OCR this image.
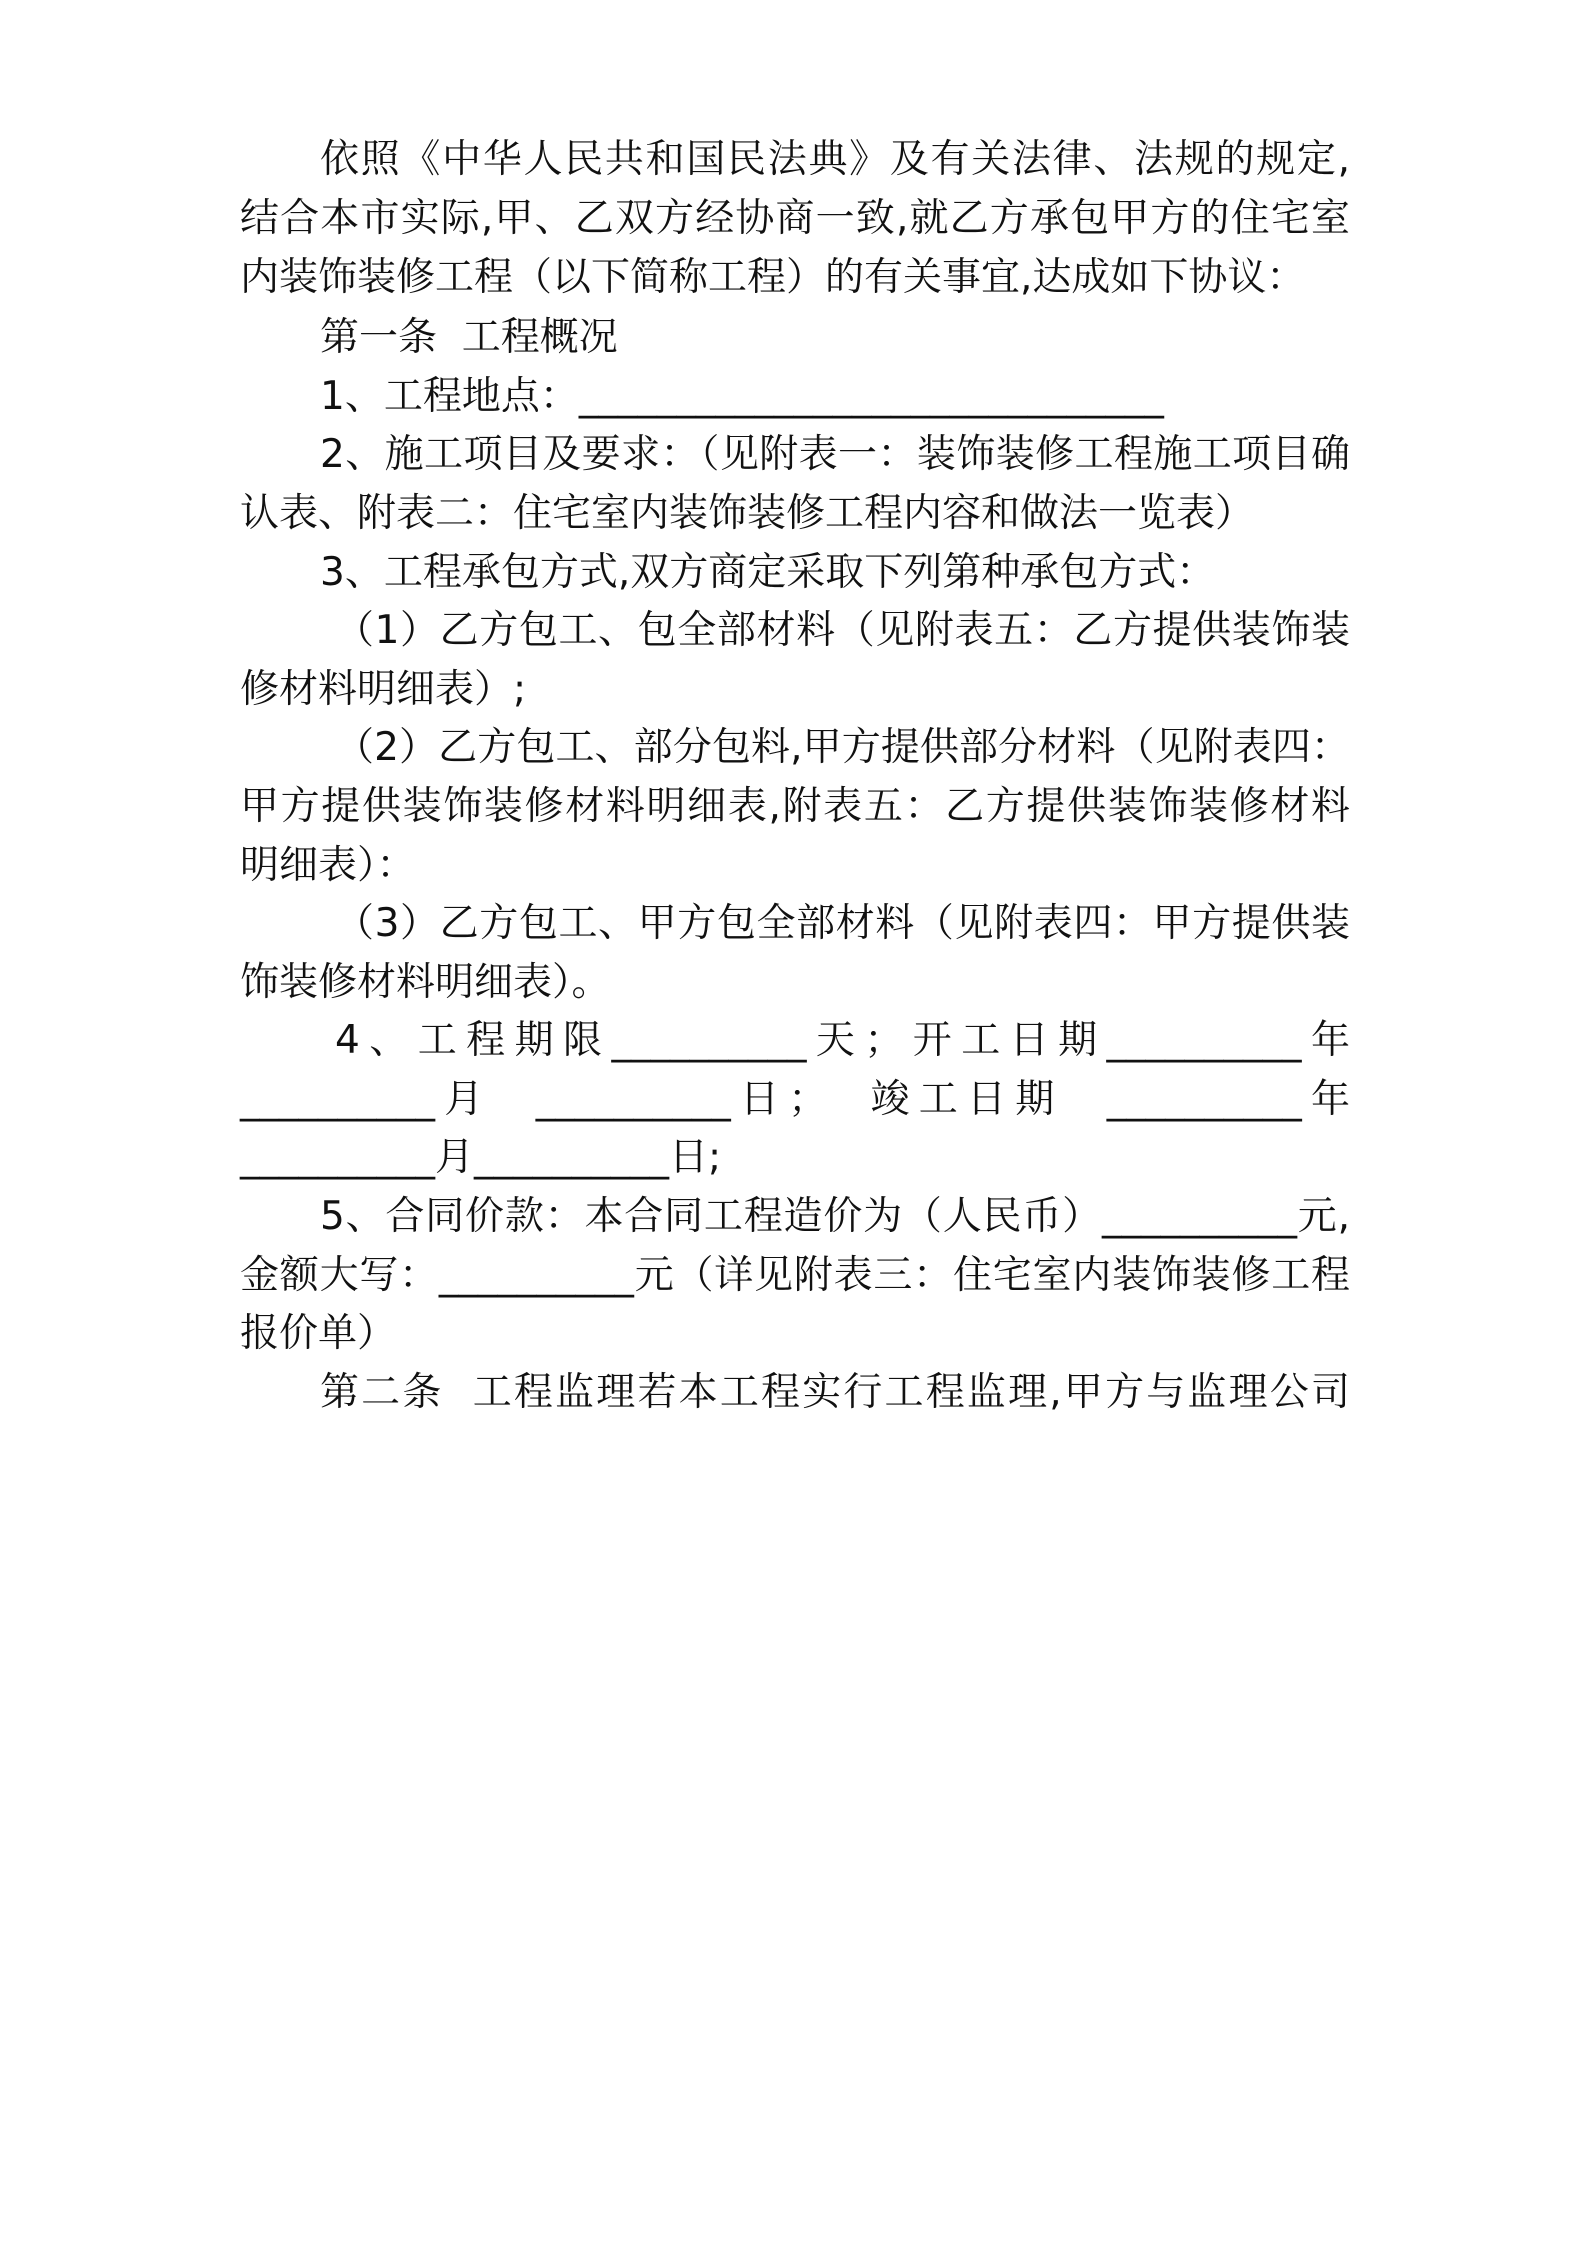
依照《中华人民共和国民法典》及有关法律、法规的规定,
结合本市实际,甲、乙双方经协商一致,就乙方承包甲方的住宅室
内装饰装修工程（以下简称工程）的有关事宜,达成如下协议：
第一条  工程概况
1、工程地点：______________________________
2、施工项目及要求：（见附表一：装饰装修工程施工项目确
认表、附表二：住宅室内装饰装修工程内容和做法一览表）
3、工程承包方式,双方商定采取下列第种承包方式：
（1）乙方包工、包全部材料（见附表五：乙方提供装饰装
修材料明细表）;
（2）乙方包工、部分包料,甲方提供部分材料（见附表四：
甲方提供装饰装修材料明细表,附表五：乙方提供装饰装修材料
明细表）：
（3）乙方包工、甲方包全部材料（见附表四：甲方提供装
饰装修材料明细表）。
4、工程期限__________天；开工日期__________年
__________月  __________日；  竣工日期  __________年
__________月__________日;
5、合同价款：本合同工程造价为（人民币）__________元,
金额大写：__________元（详见附表三：住宅室内装饰装修工程
报价单）
第二条  工程监理若本工程实行工程监理,甲方与监理公司
